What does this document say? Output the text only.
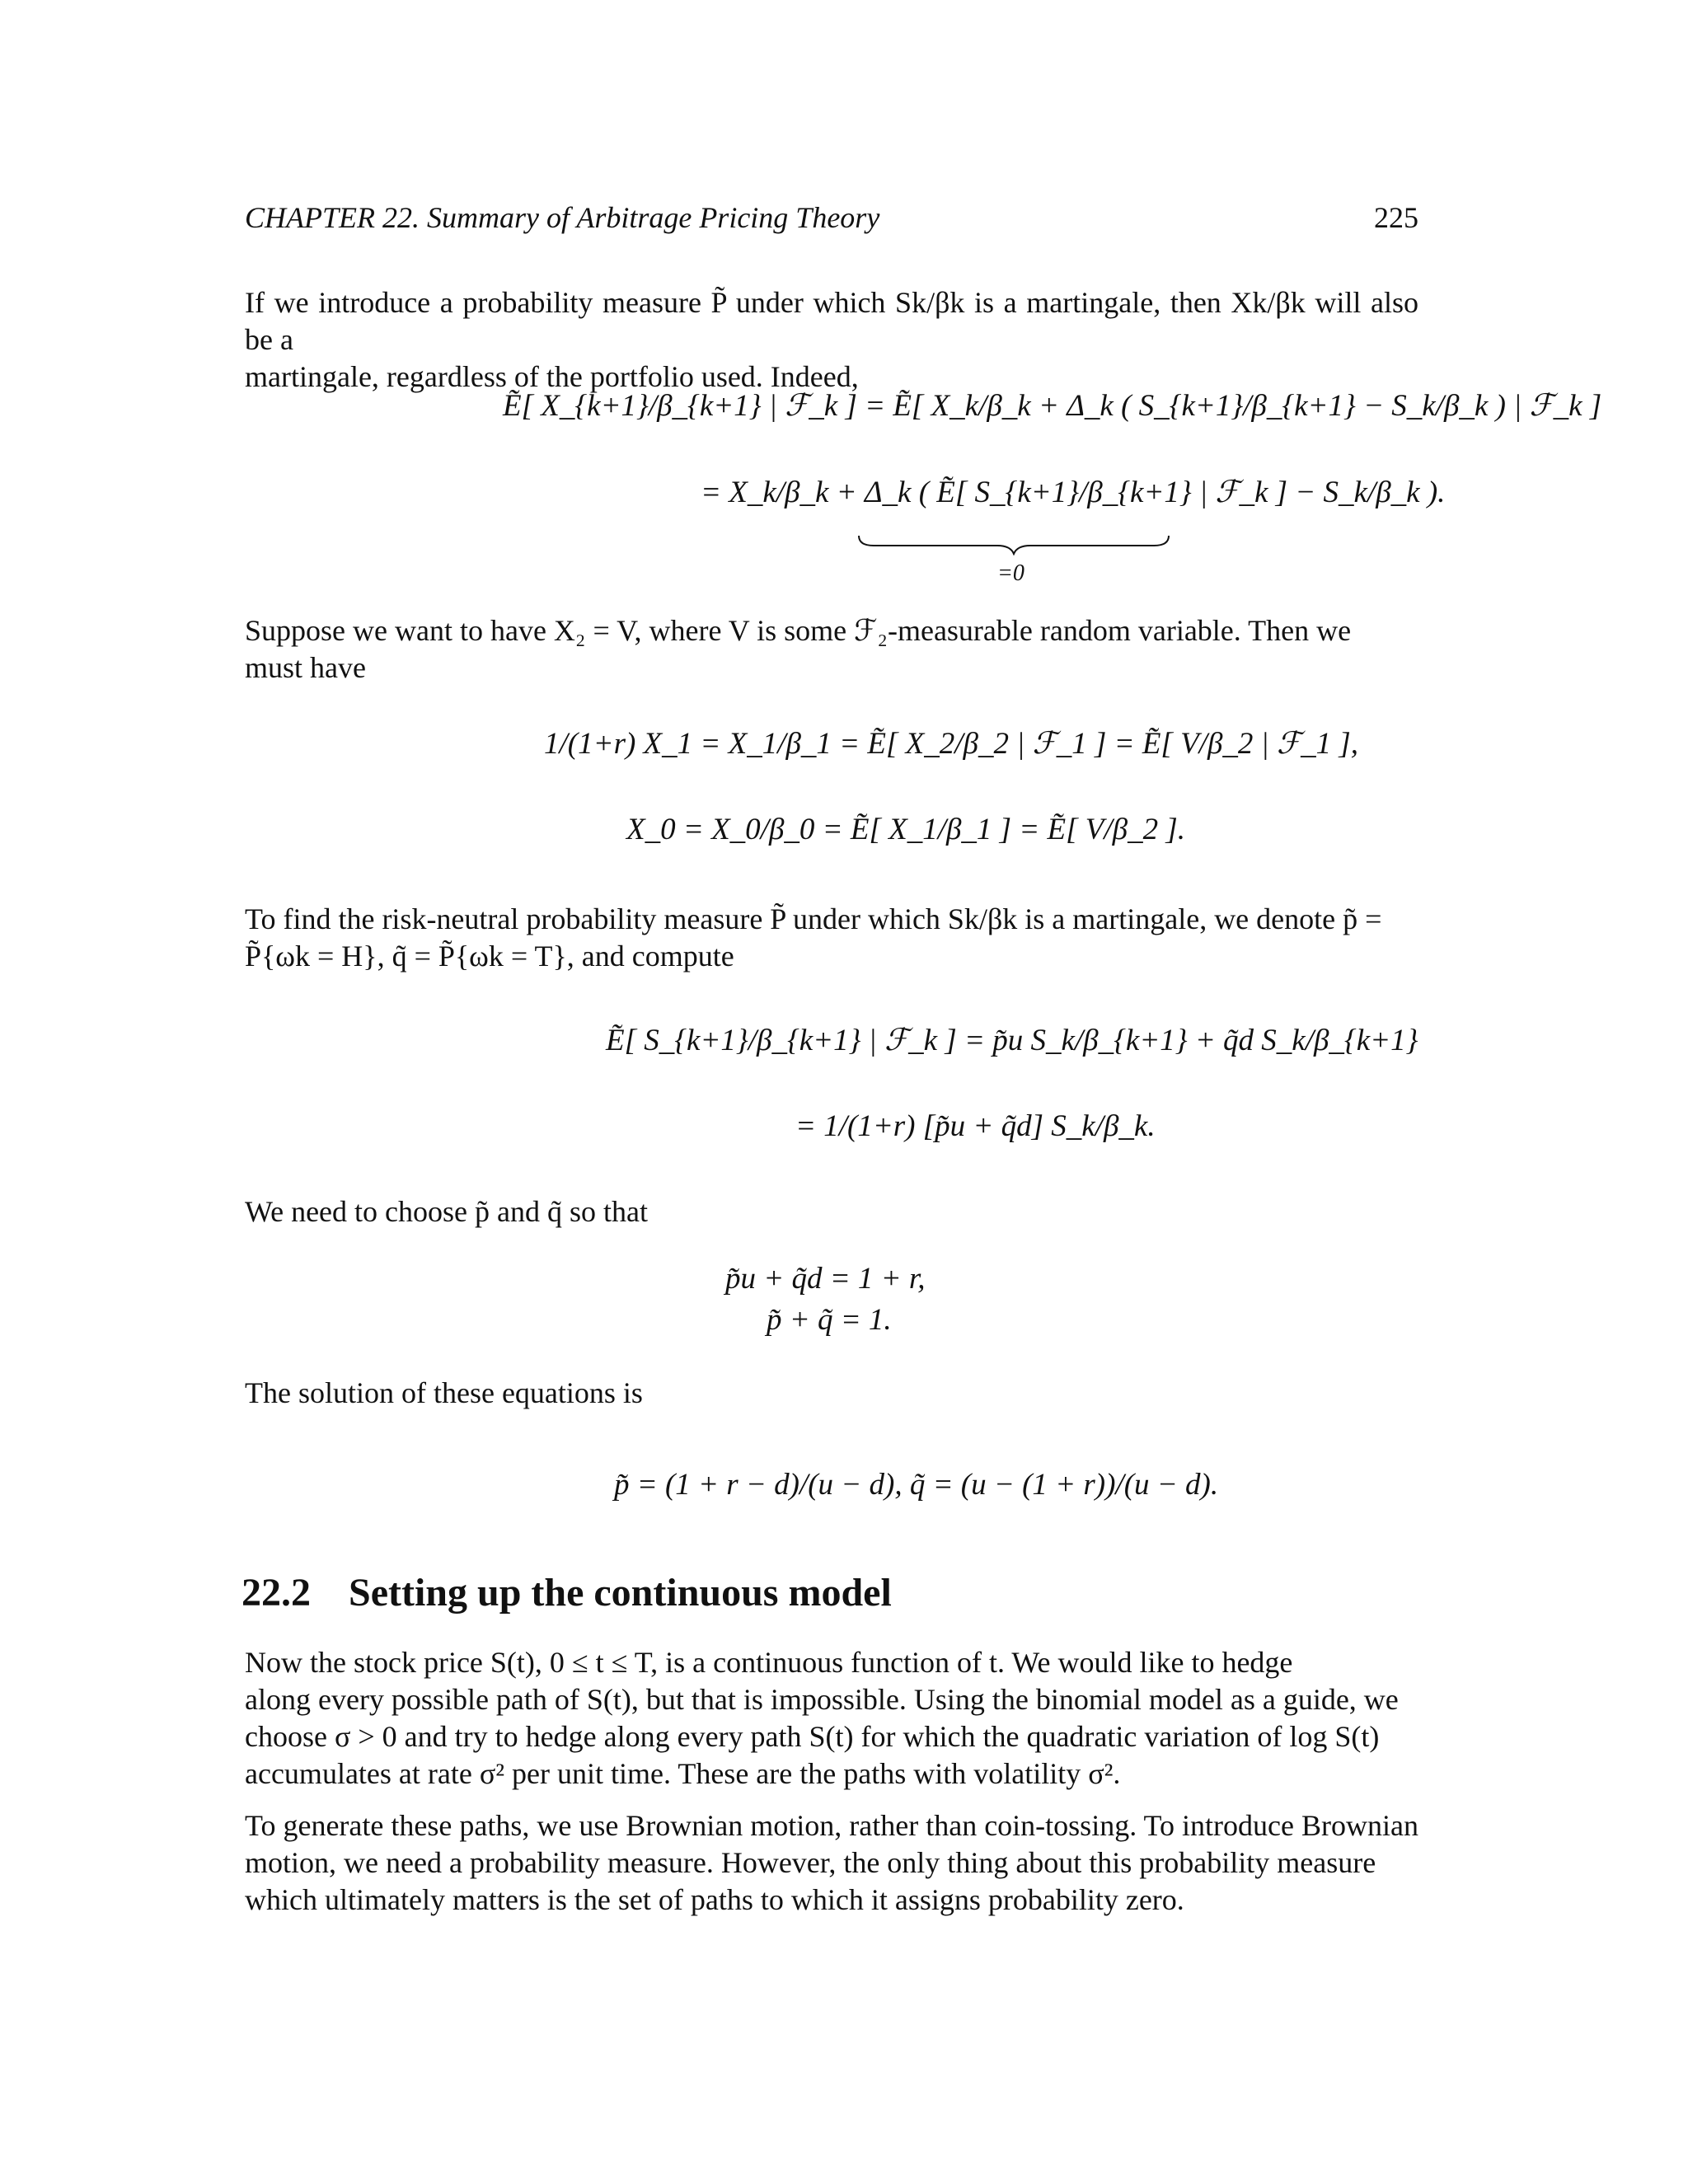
CHAPTER 22. Summary of Arbitrage Pricing Theory	225
If we introduce a probability measure P̃ under which Sk/βk is a martingale, then Xk/βk will also be a
martingale, regardless of the portfolio used. Indeed,
Ẽ[ X_{k+1}/β_{k+1} | ℱ_k ] = Ẽ[ X_k/β_k + Δ_k ( S_{k+1}/β_{k+1} − S_k/β_k ) | ℱ_k ]
= X_k/β_k + Δ_k ( Ẽ[ S_{k+1}/β_{k+1} | ℱ_k ] − S_k/β_k ).
=0
Suppose we want to have X₂ = V, where V is some ℱ₂-measurable random variable. Then we
must have
1/(1+r) X_1 = X_1/β_1 = Ẽ[ X_2/β_2 | ℱ_1 ] = Ẽ[ V/β_2 | ℱ_1 ],
X_0 = X_0/β_0 = Ẽ[ X_1/β_1 ] = Ẽ[ V/β_2 ].
To find the risk-neutral probability measure P̃ under which Sk/βk is a martingale, we denote p̃ =
P̃{ωk = H}, q̃ = P̃{ωk = T}, and compute
Ẽ[ S_{k+1}/β_{k+1} | ℱ_k ] = p̃u S_k/β_{k+1} + q̃d S_k/β_{k+1}
= 1/(1+r) [p̃u + q̃d] S_k/β_k.
We need to choose p̃ and q̃ so that
p̃u + q̃d = 1 + r,
p̃ + q̃ = 1.
The solution of these equations is
p̃ = (1 + r − d)/(u − d), q̃ = (u − (1 + r))/(u − d).
22.2 Setting up the continuous model
Now the stock price S(t), 0 ≤ t ≤ T, is a continuous function of t. We would like to hedge
along every possible path of S(t), but that is impossible. Using the binomial model as a guide, we
choose σ > 0 and try to hedge along every path S(t) for which the quadratic variation of log S(t)
accumulates at rate σ² per unit time. These are the paths with volatility σ².
To generate these paths, we use Brownian motion, rather than coin-tossing. To introduce Brownian
motion, we need a probability measure. However, the only thing about this probability measure
which ultimately matters is the set of paths to which it assigns probability zero.
